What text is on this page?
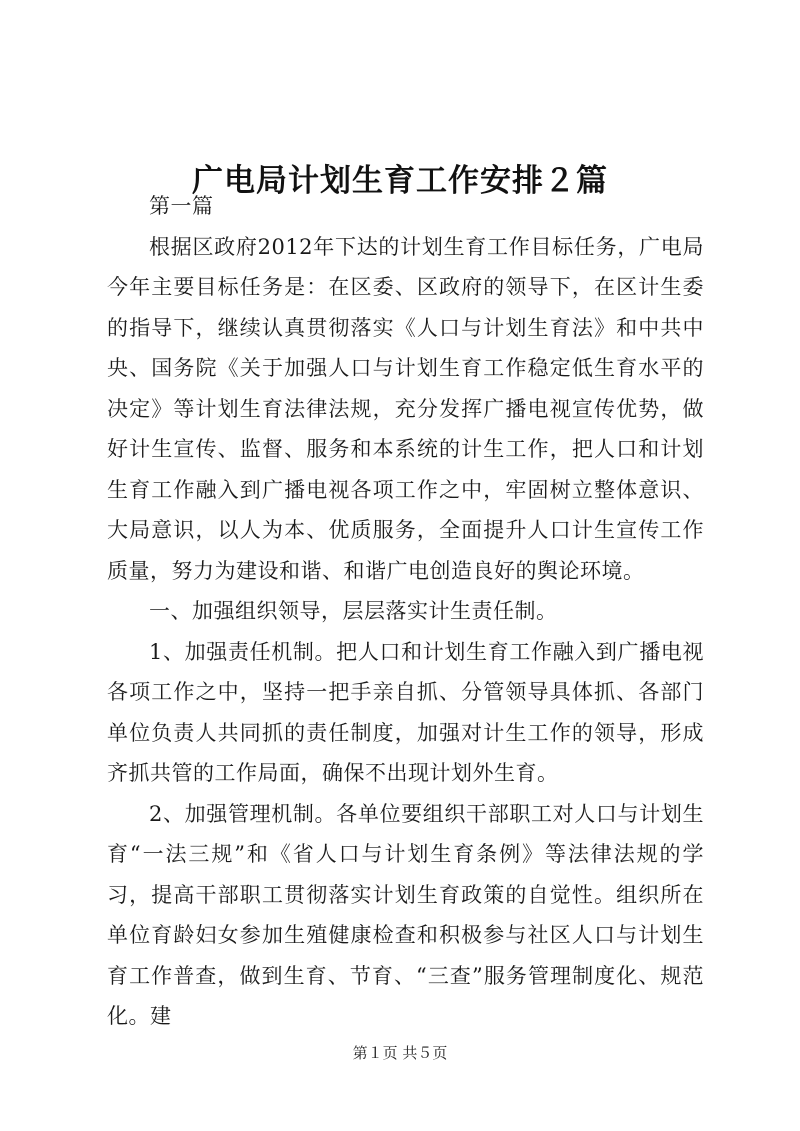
广电局计划生育工作安排２篇

第一篇

根据区政府2012年下达的计划生育工作目标任务，广电局今年主要目标任务是：在区委、区政府的领导下，在区计生委的指导下，继续认真贯彻落实《人口与计划生育法》和中共中央、国务院《关于加强人口与计划生育工作稳定低生育水平的决定》等计划生育法律法规，充分发挥广播电视宣传优势，做好计生宣传、监督、服务和本系统的计生工作，把人口和计划生育工作融入到广播电视各项工作之中，牢固树立整体意识、大局意识，以人为本、优质服务，全面提升人口计生宣传工作质量，努力为建设和谐、和谐广电创造良好的舆论环境。

一、加强组织领导，层层落实计生责任制。

1、加强责任机制。把人口和计划生育工作融入到广播电视各项工作之中，坚持一把手亲自抓、分管领导具体抓、各部门单位负责人共同抓的责任制度，加强对计生工作的领导，形成齐抓共管的工作局面，确保不出现计划外生育。

2、加强管理机制。各单位要组织干部职工对人口与计划生育“一法三规”和《省人口与计划生育条例》等法律法规的学习，提高干部职工贯彻落实计划生育政策的自觉性。组织所在单位育龄妇女参加生殖健康检查和积极参与社区人口与计划生育工作普查，做到生育、节育、“三查”服务管理制度化、规范化。建

第１页 共５页
